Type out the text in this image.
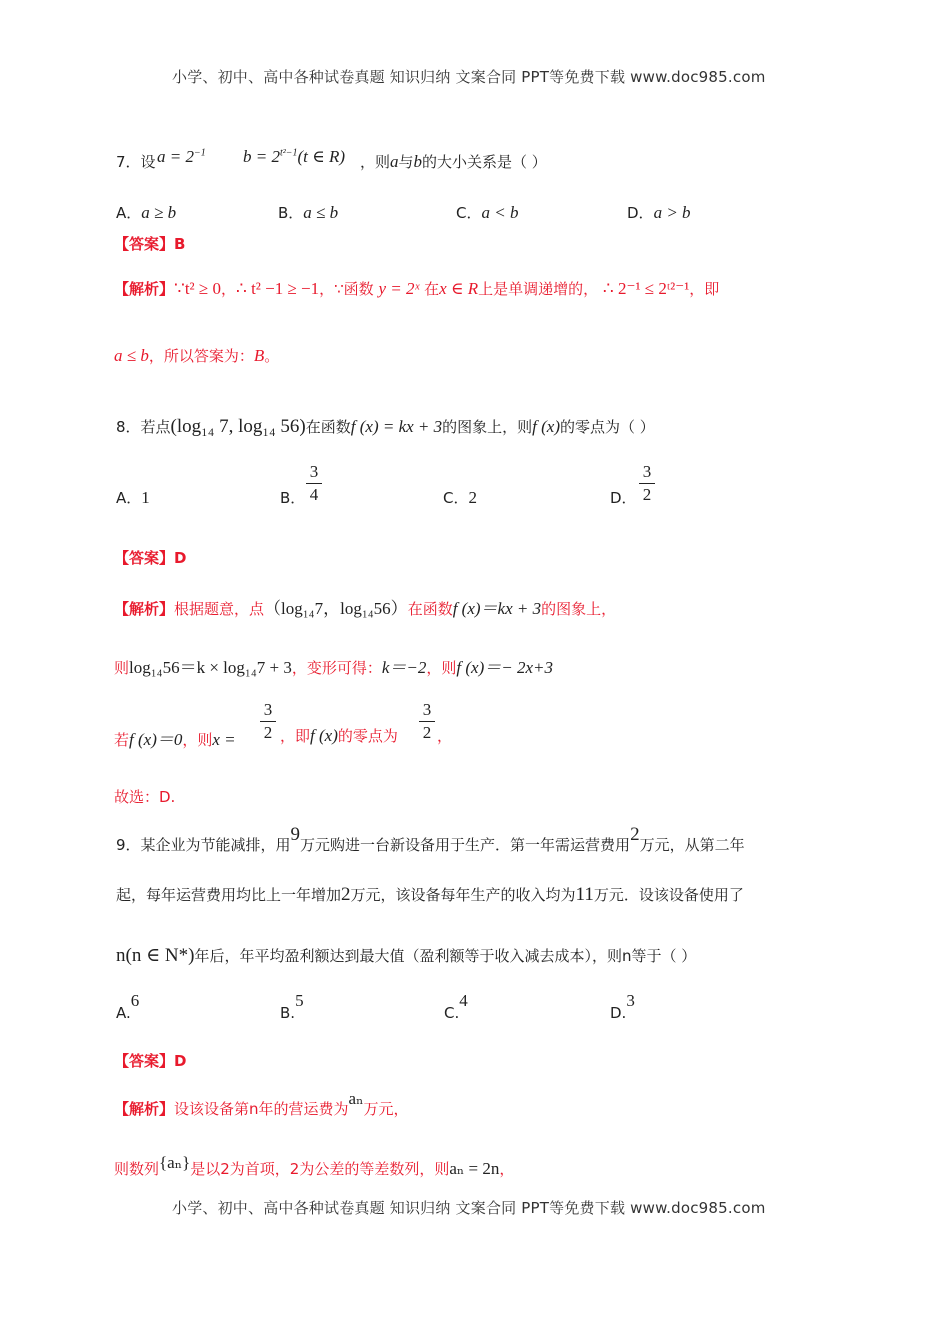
小学、初中、高中各种试卷真题 知识归纳 文案合同 PPT等免费下载 www.doc985.com
7．设 $a = 2^{-1}$ $b = 2^{t^2-1}(t$ ∈ R) ，则a与b的大小关系是（ ）
A．a ≥ b	B．a ≤ b	C．a < b	D．a > b
【答案】B
【解析】∵t² ≥ 0，∴ t² −1 ≥ −1，∵函数 y = 2ˣ 在x ∈ R上是单调递增的， ∴ 2⁻¹ ≤ 2ᵗ²⁻¹，即
a ≤ b，所以答案为：B。
8．若点(log₁₄ 7, log₁₄ 56)在函数f (x) = kx + 3的图象上，则f (x)的零点为（ ）
A．1	B．
3
4	C．2	D．
3
2
【答案】D
【解析】根据题意，点（log₁₄7，log₁₄56）在函数f (x)＝kx + 3的图象上，
则log₁₄56＝k × log₁₄7 + 3，变形可得：k＝−2，则f (x)＝− 2x+3
若f (x)＝0，则x =
3
2 ，即f (x)的零点为
3
2 ，
故选：D.
9．某企业为节能减排，用9万元购进一台新设备用于生产．第一年需运营费用2万元，从第二年
起，每年运营费用均比上一年增加2万元，该设备每年生产的收入均为11万元．设该设备使用了
n(n ∈ N*)年后，年平均盈利额达到最大值（盈利额等于收入减去成本），则n等于（ ）
A.6
B.5
C.4
D.3
【答案】D
【解析】设该设备第n年的营运费为aₙ万元，
则数列{aₙ}是以2为首项，2为公差的等差数列，则aₙ = 2n，
小学、初中、高中各种试卷真题 知识归纳 文案合同 PPT等免费下载 www.doc985.com
